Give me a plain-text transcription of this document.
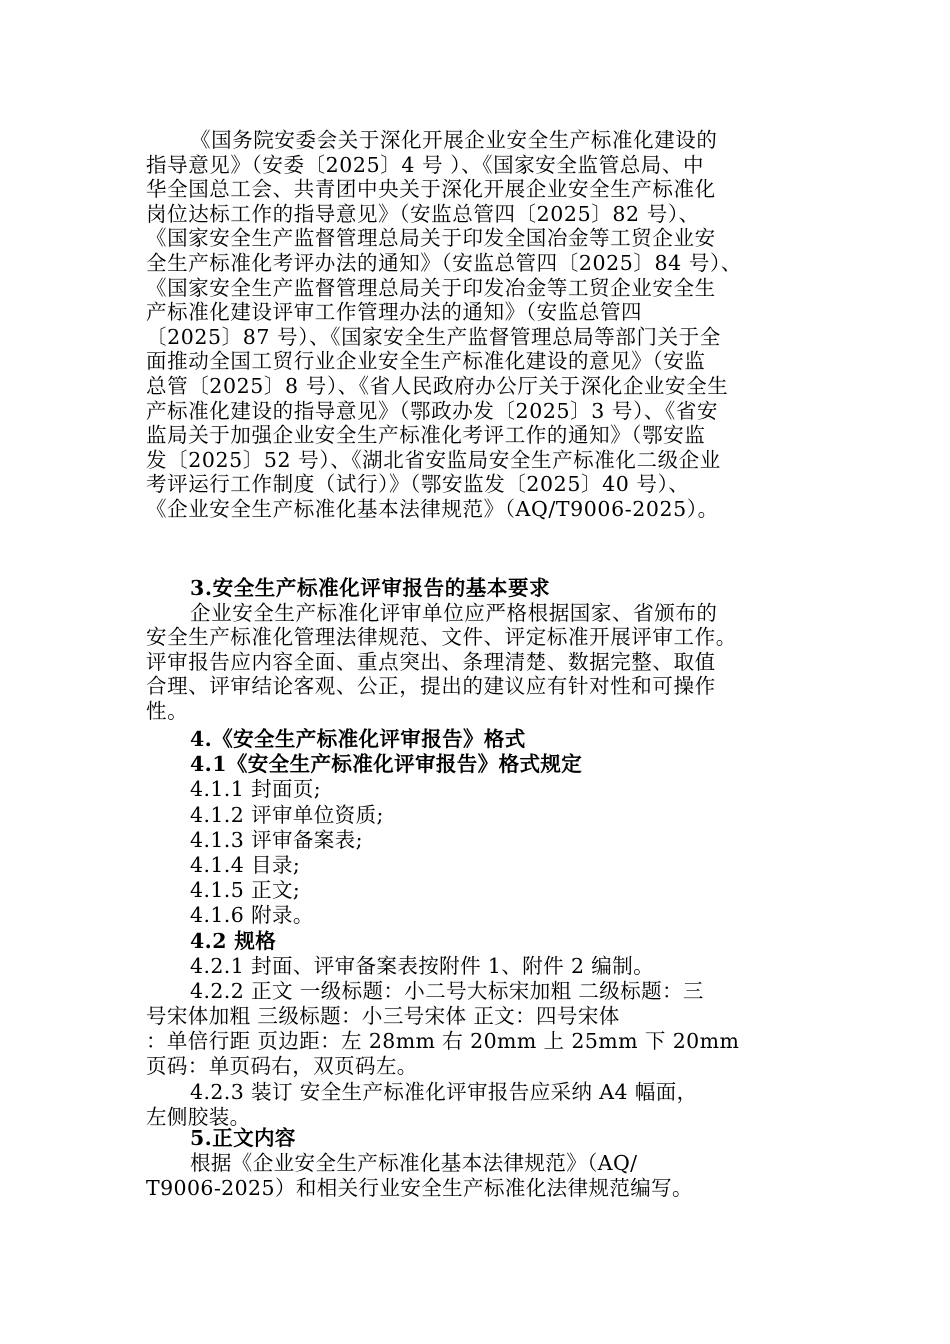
《国务院安委会关于深化开展企业安全生产标准化建设的
指导意见》（安委〔2025〕4 号 ）、《国家安全监管总局、中
华全国总工会、共青团中央关于深化开展企业安全生产标准化
岗位达标工作的指导意见》（安监总管四〔2025〕82 号）、
《国家安全生产监督管理总局关于印发全国冶金等工贸企业安
全生产标准化考评办法的通知》（安监总管四〔2025〕84 号）、
《国家安全生产监督管理总局关于印发冶金等工贸企业安全生
产标准化建设评审工作管理办法的通知》（安监总管四
〔2025〕87 号）、《国家安全生产监督管理总局等部门关于全
面推动全国工贸行业企业安全生产标准化建设的意见》（安监
总管〔2025〕8 号）、《省人民政府办公厅关于深化企业安全生
产标准化建设的指导意见》（鄂政办发〔2025〕3 号）、《省安
监局关于加强企业安全生产标准化考评工作的通知》（鄂安监
发〔2025〕52 号）、《湖北省安监局安全生产标准化二级企业
考评运行工作制度（试行）》（鄂安监发〔2025〕40 号）、
《企业安全生产标准化基本法律规范》（AQ/T9006-2025）。
3.安全生产标准化评审报告的基本要求
企业安全生产标准化评审单位应严格根据国家、省颁布的
安全生产标准化管理法律规范、文件、评定标准开展评审工作。
评审报告应内容全面、重点突出、条理清楚、数据完整、取值
合理、评审结论客观、公正，提出的建议应有针对性和可操作
性。
4.《安全生产标准化评审报告》格式
4.1《安全生产标准化评审报告》格式规定
4.1.1 封面页;
4.1.2 评审单位资质;
4.1.3 评审备案表;
4.1.4 目录;
4.1.5 正文;
4.1.6 附录。
4.2 规格
4.2.1 封面、评审备案表按附件 1、附件 2 编制。
4.2.2 正文 一级标题：小二号大标宋加粗 二级标题：三
号宋体加粗 三级标题：小三号宋体 正文：四号宋体
：单倍行距 页边距：左 28mm 右 20mm 上 25mm 下 20mm
页码：单页码右，双页码左。
4.2.3 装订 安全生产标准化评审报告应采纳 A4 幅面，
左侧胶装。
5.正文内容
根据《企业安全生产标准化基本法律规范》（AQ/
T9006-2025）和相关行业安全生产标准化法律规范编写。
